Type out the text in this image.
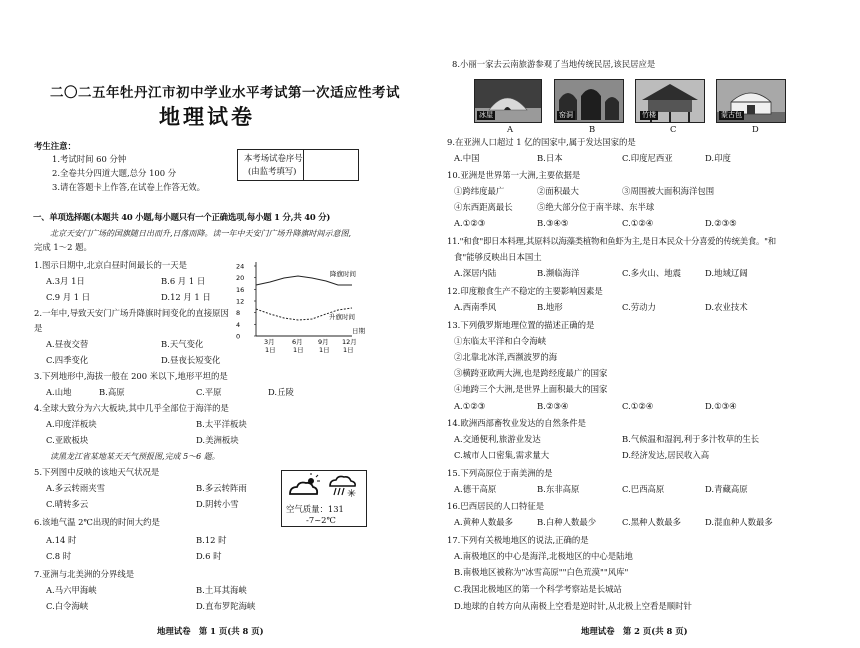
二〇二五年牡丹江市初中学业水平考试第一次适应性考试
地理试卷
考生注意：
1.考试时间 60 分钟
2.全卷共分四道大题,总分 100 分
3.请在答题卡上作答,在试卷上作答无效。
本考场试卷序号
(由监考填写)
一、单项选择题(本题共 40 小题,每小题只有一个正确选项,每小题 1 分,共 40 分)
北京天安门广场的国旗随日出而升,日落而降。读一年中天安门广场升降旗时间示意图,
完成 1～2 题。
1.图示日期中,北京白昼时间最长的一天是
A.3月 1日	B.6 月 1 日
C.9 月 1 日	D.12 月 1 日
2.一年中,导致天安门广场升降旗时间变化的直接原因
是
A.昼夜交替	B.天气变化
C.四季变化	D.昼夜长短变化
24
20
16
12
8
4
0
3月
1日
6月
1日
9月
1日
12月
1日
降旗时间
升旗时间
日期
3.下列地形中,海拔一般在 200 米以下,地形平坦的是
A.山地	B.高原	C.平原	D.丘陵
4.全球大致分为六大板块,其中几乎全部位于海洋的是
A.印度洋板块	B.太平洋板块
C.亚欧板块	D.美洲板块
读黑龙江省某地某天天气预报图,完成 5～6 题。
5.下列图中反映的该地天气状况是
A.多云转雨夹雪	B.多云转阵雨
C.晴转多云	D.阴转小雪
✳
空气质量：131
-7~2℃
6.该地气温 2℃出现的时间大约是
A.14 时	B.12 时
C.8 时	D.6 时
7.亚洲与北美洲的分界线是
A.马六甲海峡	B.土耳其海峡
C.白令海峡	D.直布罗陀海峡
地理试卷　第 1 页(共 8 页)
8.小丽一家去云南旅游参观了当地传统民居,该民居应是
冰屋	窑洞	竹楼	蒙古包
A	B	C	D
9.在亚洲人口超过 1 亿的国家中,属于发达国家的是
A.中国	B.日本	C.印度尼西亚	D.印度
10.亚洲是世界第一大洲,主要依据是
①跨纬度最广	②面积最大	③周围被大面积海洋包围
④东西距离最长	⑤绝大部分位于南半球、东半球
A.①②③	B.③④⑤	C.①②④	D.②③⑤
11."和食"即日本料理,其原料以海藻类植物和鱼虾为主,是日本民众十分喜爱的传统美食。"和
食"能够反映出日本国土
A.深居内陆	B.濒临海洋	C.多火山、地震	D.地域辽阔
12.印度粮食生产不稳定的主要影响因素是
A.西南季风	B.地形	C.劳动力	D.农业技术
13.下列俄罗斯地理位置的描述正确的是
①东临太平洋和白令海峡
②北靠北冰洋,西濒波罗的海
③横跨亚欧两大洲,也是跨经度最广的国家
④地跨三个大洲,是世界上面积最大的国家
A.①②③	B.②③④	C.①②④	D.①③④
14.欧洲西部畜牧业发达的自然条件是
A.交通便利,旅游业发达	B.气候温和湿润,利于多汁牧草的生长
C.城市人口密集,需求量大	D.经济发达,居民收入高
15.下列高原位于南美洲的是
A.德干高原	B.东非高原	C.巴西高原	D.青藏高原
16.巴西居民的人口特征是
A.黄种人数最多	B.白种人数最少	C.黑种人数最多	D.混血种人数最多
17.下列有关极地地区的说法,正确的是
A.南极地区的中心是海洋,北极地区的中心是陆地
B.南极地区被称为"冰雪高原""白色荒漠""风库"
C.我国北极地区的第一个科学考察站是长城站
D.地球的自转方向从南极上空看是逆时针,从北极上空看是顺时针
地理试卷　第 2 页(共 8 页)
